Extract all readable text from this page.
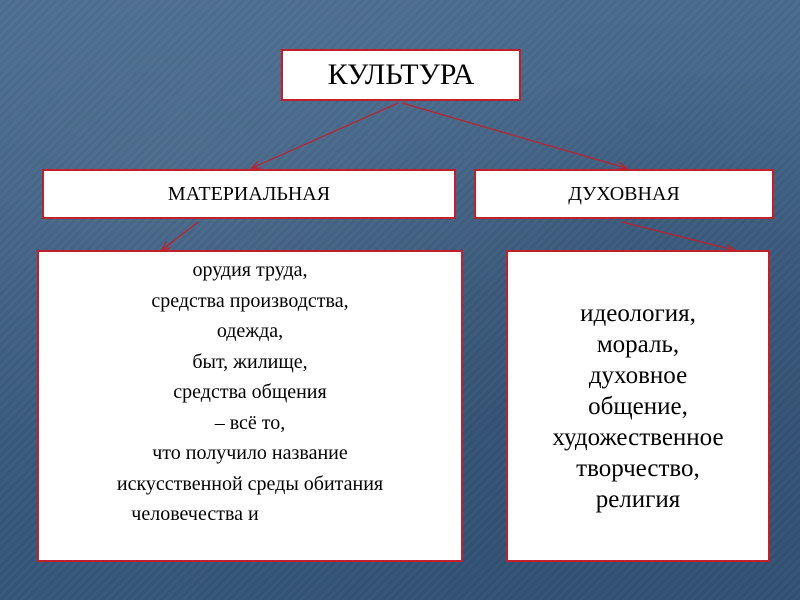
КУЛЬТУРА
МАТЕРИАЛЬНАЯ	ДУХОВНАЯ
орудия труда,
средства производства,
одежда,
быт, жилище,
средства общения
– всё то,
что получило название
искусственной среды обитания
человечества и
идеология,
мораль,
духовное
общение,
художественное
творчество,
религия
